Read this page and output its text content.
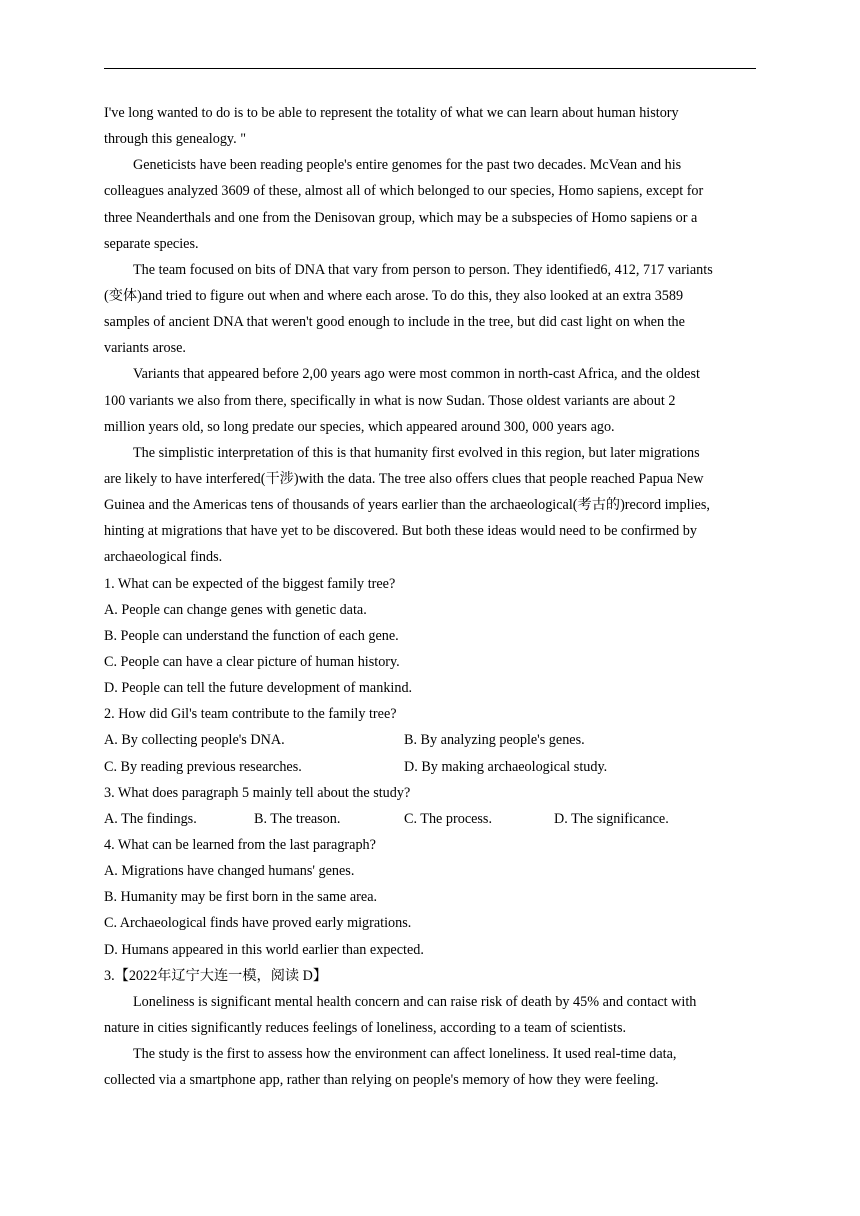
I've long wanted to do is to be able to represent the totality of what we can learn about human history
through this genealogy. "
Geneticists have been reading people's entire genomes for the past two decades. McVean and his
colleagues analyzed 3609 of these, almost all of which belonged to our species, Homo sapiens, except for
three Neanderthals and one from the Denisovan group, which may be a subspecies of Homo sapiens or a
separate species.
The team focused on bits of DNA that vary from person to person. They identified6, 412, 717 variants
(变体)and tried to figure out when and where each arose. To do this, they also looked at an extra 3589
samples of ancient DNA that weren't good enough to include in the tree, but did cast light on when the
variants arose.
Variants that appeared before 2,00 years ago were most common in north-cast Africa, and the oldest
100 variants we also from there, specifically in what is now Sudan. Those oldest variants are about 2
million years old, so long predate our species, which appeared around 300, 000 years ago.
The simplistic interpretation of this is that humanity first evolved in this region, but later migrations
are likely to have interfered(干涉)with the data. The tree also offers clues that people reached Papua New
Guinea and the Americas tens of thousands of years earlier than the archaeological(考古的)record implies,
hinting at migrations that have yet to be discovered. But both these ideas would need to be confirmed by
archaeological finds.
1. What can be expected of the biggest family tree?
A. People can change genes with genetic data.
B. People can understand the function of each gene.
C. People can have a clear picture of human history.
D. People can tell the future development of mankind.
2. How did Gil's team contribute to the family tree?
A. By collecting people's DNA.	B. By analyzing people's genes.
C. By reading previous researches.	D. By making archaeological study.
3. What does paragraph 5 mainly tell about the study?
A. The findings.	B. The treason.	C. The process.	D. The significance.
4. What can be learned from the last paragraph?
A. Migrations have changed humans' genes.
B. Humanity may be first born in the same area.
C. Archaeological finds have proved early migrations.
D. Humans appeared in this world earlier than expected.
3.【2022年辽宁大连一模，阅读 D】
Loneliness is significant mental health concern and can raise risk of death by 45% and contact with
nature in cities significantly reduces feelings of loneliness, according to a team of scientists.
The study is the first to assess how the environment can affect loneliness. It used real-time data,
collected via a smartphone app, rather than relying on people's memory of how they were feeling.
